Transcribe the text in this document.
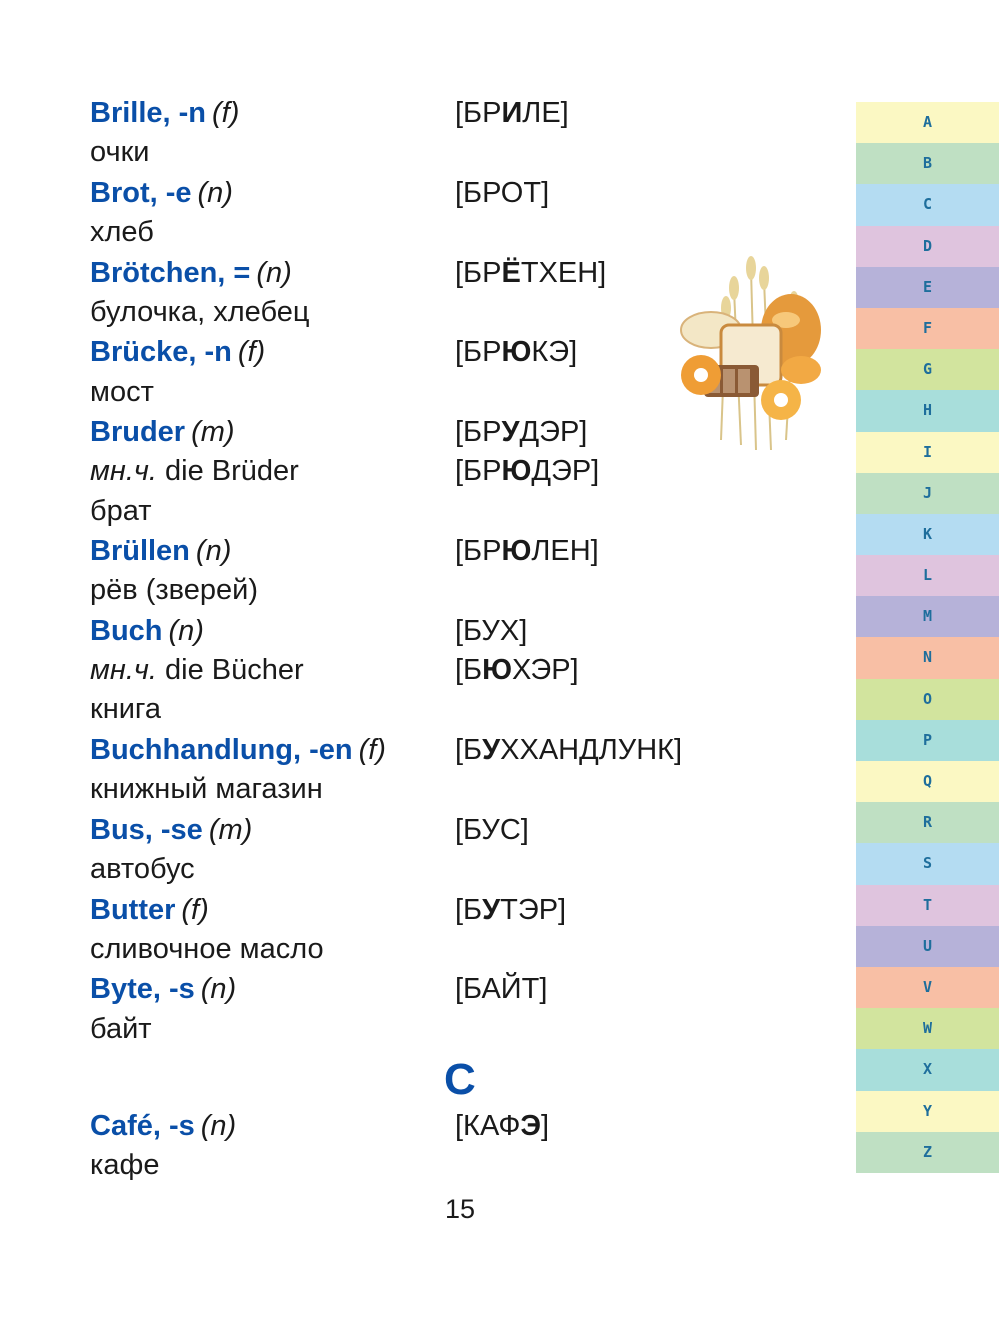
Brille, -n (f)	[БРИЛЕ]
очки
Brot, -e (n)	[БРОТ]
хлеб
Brötchen, = (n)	[БРЁТХЕН]
булочка, хлебец
Brücke, -n (f)	[БРЮКЭ]
мост
Bruder (m)	[БРУДЭР]
мн.ч. die Brüder	[БРЮДЭР]
брат
Brüllen (n)	[БРЮЛЕН]
рёв (зверей)
Buch (n)	[БУХ]
мн.ч. die Bücher	[БЮХЭР]
книга
Buchhandlung, -en (f) [БУХХАНДЛУНК]
книжный магазин
Bus, -se (m)	[БУС]
автобус
Butter (f)	[БУТЭР]
сливочное масло
Byte, -s (n)	[БАЙТ]
байт
Café, -s (n)	[КАФЭ]
кафе
C
15
A
B
C
D
E
F
G
H
I
J
K
L
M
N
O
P
Q
R
S
T
U
V
W
X
Y
Z
